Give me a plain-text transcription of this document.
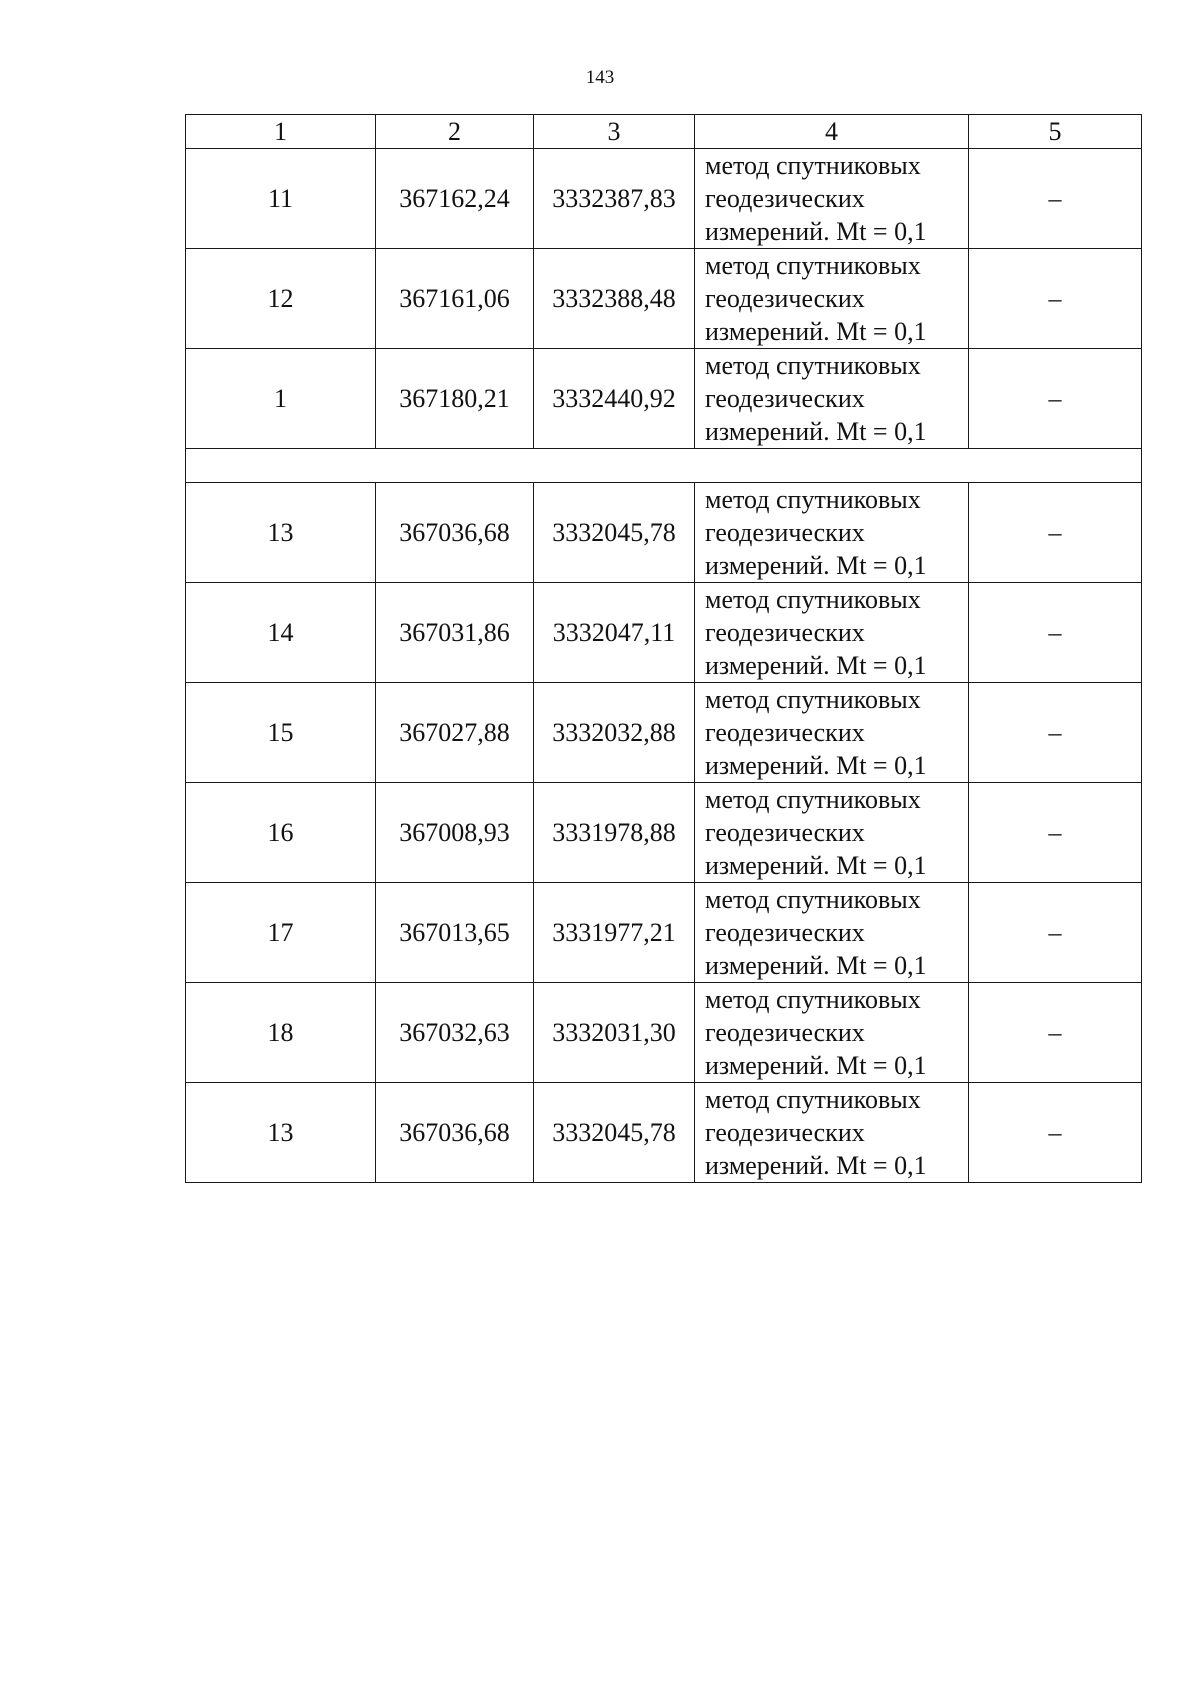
143
1	2	3	4	5
11	367162,24	3332387,83	метод спутниковых
геодезических
измерений. Mt = 0,1	–
12	367161,06	3332388,48	метод спутниковых
геодезических
измерений. Mt = 0,1	–
1	367180,21	3332440,92	метод спутниковых
геодезических
измерений. Mt = 0,1	–

13	367036,68	3332045,78	метод спутниковых
геодезических
измерений. Mt = 0,1	–
14	367031,86	3332047,11	метод спутниковых
геодезических
измерений. Mt = 0,1	–
15	367027,88	3332032,88	метод спутниковых
геодезических
измерений. Mt = 0,1	–
16	367008,93	3331978,88	метод спутниковых
геодезических
измерений. Mt = 0,1	–
17	367013,65	3331977,21	метод спутниковых
геодезических
измерений. Mt = 0,1	–
18	367032,63	3332031,30	метод спутниковых
геодезических
измерений. Mt = 0,1	–
13	367036,68	3332045,78	метод спутниковых
геодезических
измерений. Mt = 0,1	–
